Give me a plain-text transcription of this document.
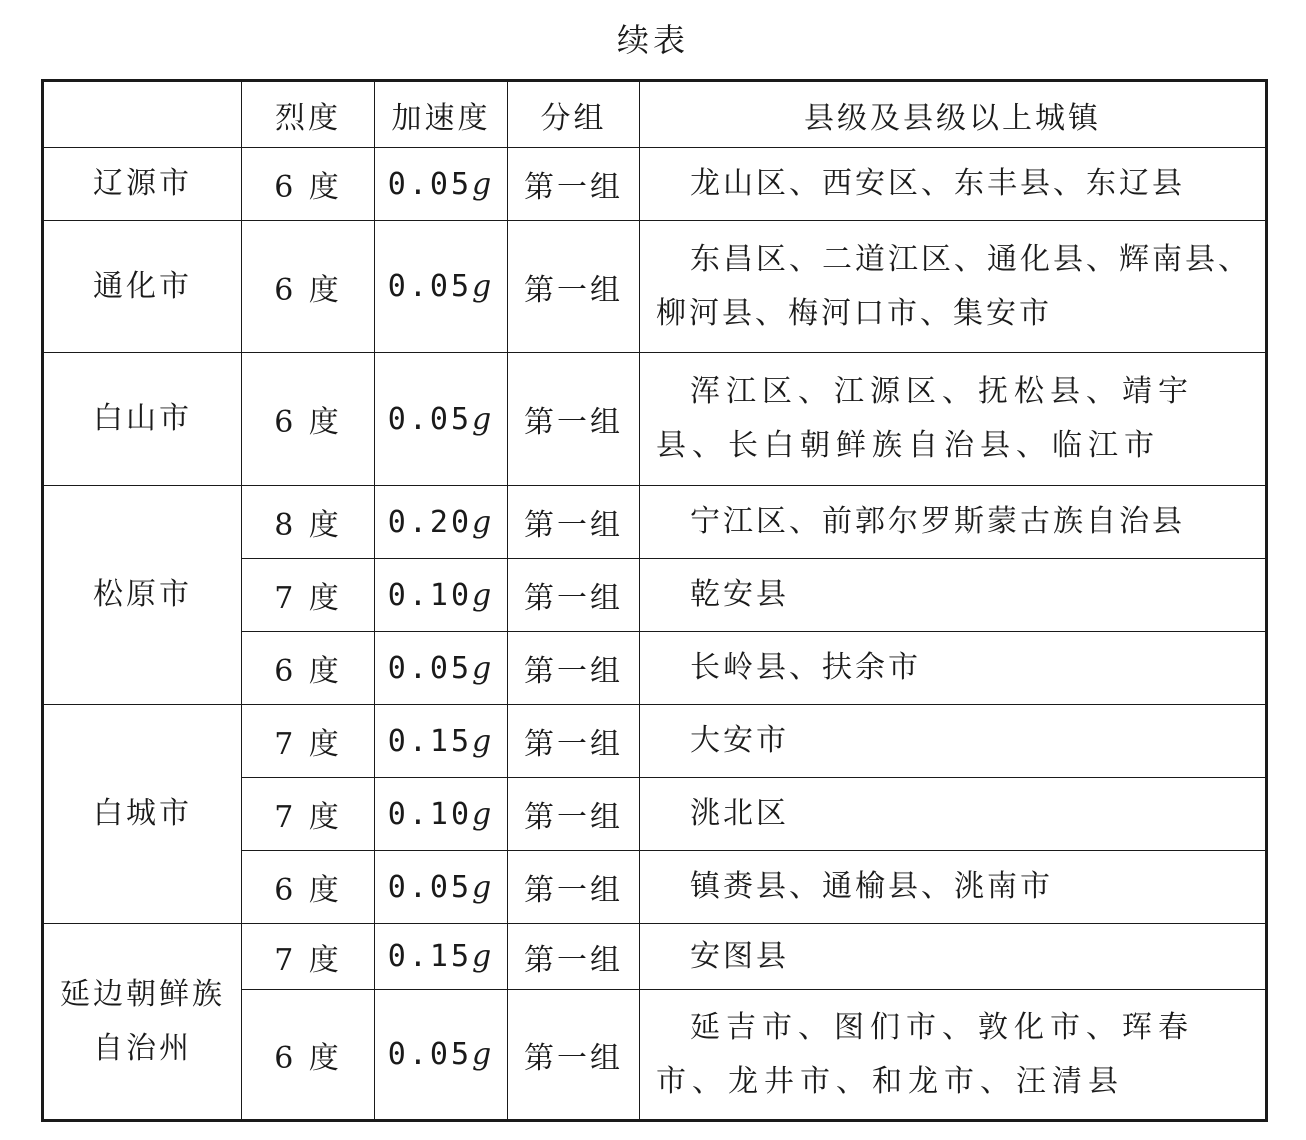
续表
	烈度	加速度	分组	县级及县级以上城镇
辽源市	6 度	0.05g	第一组	龙山区、西安区、东丰县、东辽县
通化市	6 度	0.05g	第一组	东昌区、二道江区、通化县、辉南县、柳河县、梅河口市、集安市
白山市	6 度	0.05g	第一组	浑江区、江源区、抚松县、靖宇县、长白朝鲜族自治县、临江市
松原市	8 度	0.20g	第一组	宁江区、前郭尔罗斯蒙古族自治县
	7 度	0.10g	第一组	乾安县
	6 度	0.05g	第一组	长岭县、扶余市
白城市	7 度	0.15g	第一组	大安市
	7 度	0.10g	第一组	洮北区
	6 度	0.05g	第一组	镇赉县、通榆县、洮南市
延边朝鲜族自治州	7 度	0.15g	第一组	安图县
	6 度	0.05g	第一组	延吉市、图们市、敦化市、珲春市、龙井市、和龙市、汪清县
